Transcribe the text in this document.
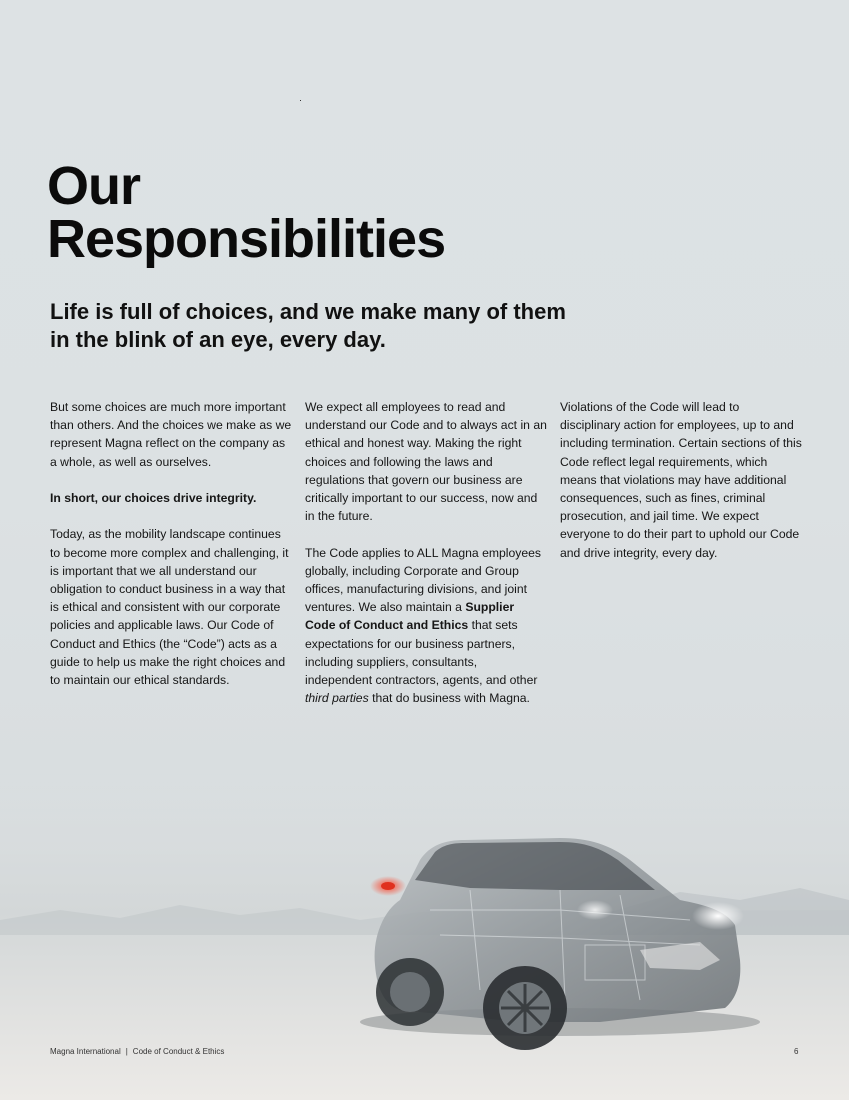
Our
Responsibilities
Life is full of choices, and we make many of them in the blink of an eye, every day.

But some choices are much more important than others. And the choices we make as we represent Magna reflect on the company as a whole, as well as ourselves.

In short, our choices drive integrity.

Today, as the mobility landscape continues to become more complex and challenging, it is important that we all understand our obligation to conduct business in a way that is ethical and consistent with our corporate policies and applicable laws. Our Code of Conduct and Ethics (the “Code”) acts as a guide to help us make the right choices and to maintain our ethical standards.

We expect all employees to read and understand our Code and to always act in an ethical and honest way. Making the right choices and following the laws and regulations that govern our business are critically important to our success, now and in the future.

The Code applies to ALL Magna employees globally, including Corporate and Group offices, manufacturing divisions, and joint ventures. We also maintain a Supplier Code of Conduct and Ethics that sets expectations for our business partners, including suppliers, consultants, independent contractors, agents, and other third parties that do business with Magna.

Violations of the Code will lead to disciplinary action for employees, up to and including termination. Certain sections of this Code reflect legal requirements, which means that violations may have additional consequences, such as fines, criminal prosecution, and jail time. We expect everyone to do their part to uphold our Code and drive integrity, every day.

Magna International | Code of Conduct & Ethics	6
